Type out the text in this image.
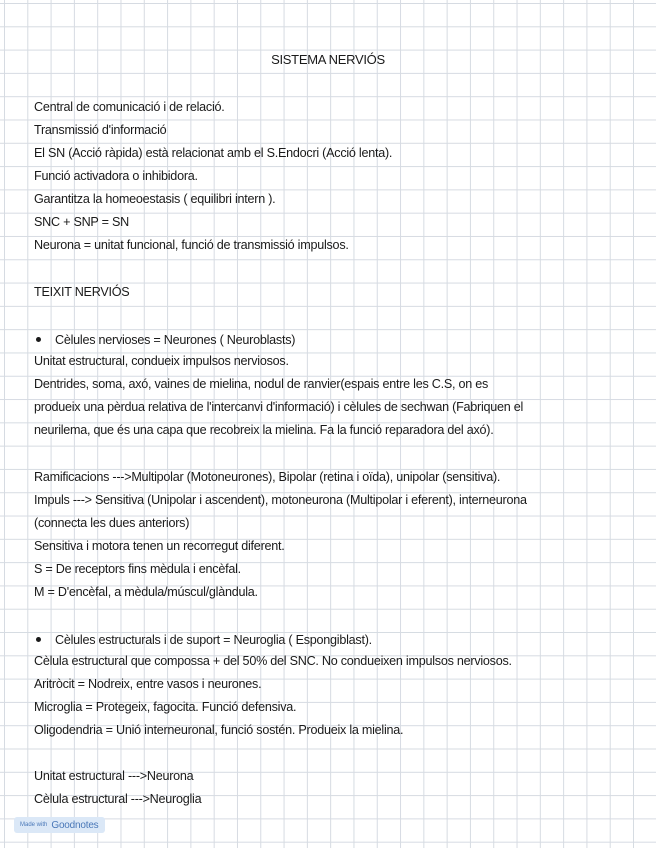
SISTEMA NERVIÓS
Central de comunicació i de relació.
Transmissió d'informació
El SN (Acció ràpida) està relacionat amb el S.Endocri (Acció lenta).
Funció activadora o inhibidora.
Garantitza la homeoestasis ( equilibri intern ).
SNC + SNP = SN
Neurona = unitat funcional, funció de transmissió impulsos.
TEIXIT NERVIÓS
Cèlules nervioses = Neurones ( Neuroblasts)
Unitat estructural, condueix impulsos nerviosos.
Dentrides, soma, axó, vaines de mielina, nodul de ranvier(espais entre les C.S, on es
produeix una pèrdua relativa de l'intercanvi d'informació) i cèlules de sechwan (Fabriquen el
neurilema, que és una capa que recobreix la mielina. Fa la funció reparadora del axó).
Ramificacions --->Multipolar (Motoneurones), Bipolar (retina i oïda), unipolar (sensitiva).
Impuls ---> Sensitiva (Unipolar i ascendent), motoneurona (Multipolar i eferent), interneurona
(connecta les dues anteriors)
Sensitiva i motora tenen un recorregut diferent.
S = De receptors fins mèdula i encèfal.
M = D'encèfal, a mèdula/múscul/glàndula.
Cèlules estructurals i de suport = Neuroglia ( Espongiblast).
Cèlula estructural que compossa + del 50% del SNC. No condueixen impulsos nerviosos.
Aritròcit = Nodreix, entre vasos i neurones.
Microglia = Protegeix, fagocita. Funció defensiva.
Oligodendria = Unió interneuronal, funció sostén. Produeix la mielina.
Unitat estructural --->Neurona
Cèlula estructural --->Neuroglia
Made with Goodnotes
